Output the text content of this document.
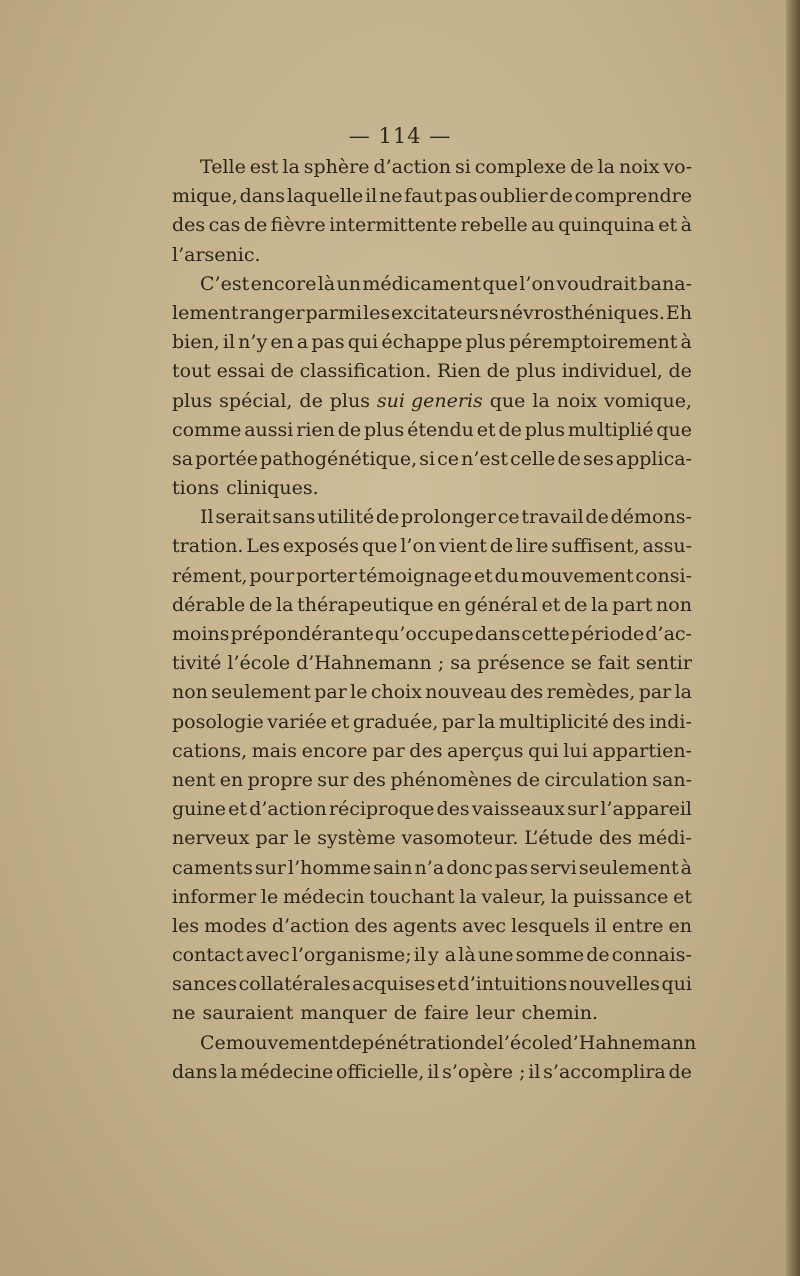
— 114 —
Telle est la sphère d’action si complexe de la noix vo-
mique, dans laquelle il ne faut pas oublier de comprendre
des cas de fièvre intermittente rebelle au quinquina et à
l’arsenic.
C’est encore là un médicament que l’on voudrait bana-
lement ranger parmi les excitateurs névrosthéniques. Eh
bien, il n’y en a pas qui échappe plus péremptoirement à
tout essai de classification. Rien de plus individuel, de
plus spécial, de plus sui generis que la noix vomique,
comme aussi rien de plus étendu et de plus multiplié que
sa portée pathogénétique, si ce n’est celle de ses applica-
tions cliniques.
Il serait sans utilité de prolonger ce travail de démons-
tration. Les exposés que l’on vient de lire suffisent, assu-
rément, pour porter témoignage et du mouvement consi-
dérable de la thérapeutique en général et de la part non
moins prépondérante qu’occupe dans cette période d’ac-
tivité l’école d’Hahnemann ; sa présence se fait sentir
non seulement par le choix nouveau des remèdes, par la
posologie variée et graduée, par la multiplicité des indi-
cations, mais encore par des aperçus qui lui appartien-
nent en propre sur des phénomènes de circulation san-
guine et d’action réciproque des vaisseaux sur l’appareil
nerveux par le système vasomoteur. L’étude des médi-
caments sur l’homme sain n’a donc pas servi seulement à
informer le médecin touchant la valeur, la puissance et
les modes d’action des agents avec lesquels il entre en
contact avec l’organisme; il y a là une somme de connais-
sances collatérales acquises et d’intuitions nouvelles qui
ne sauraient manquer de faire leur chemin.
Ce mouvement de pénétration de l’école d’Hahnemann
dans la médecine officielle, il s’opère ; il s’accomplira de
